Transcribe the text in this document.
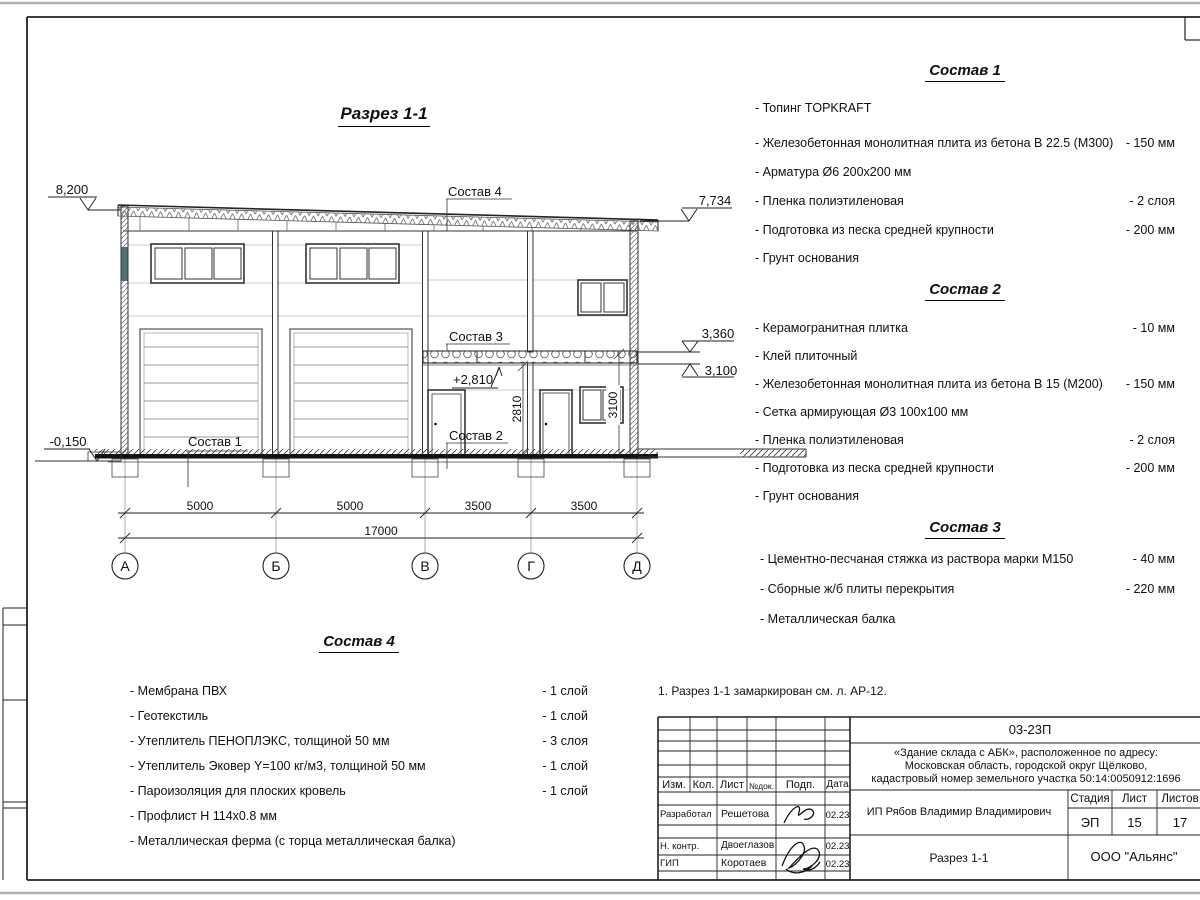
Разрез 1-1
8,200
7,734
3,360
3,100
-0,150
+2,810
Состав 4
Состав 3
Состав 2
Состав 1
2810	3100
5000	5000	3500	3500
17000
А	Б	В	Г	Д
Состав 1
- Топинг TOPKRAFT
- Железобетонная монолитная плита из бетона В 22.5 (М300) - 150 мм
- Арматура Ø6 200х200 мм
- Пленка полиэтиленовая	- 2 слоя
- Подготовка из песка средней крупности	- 200 мм
- Грунт основания
Состав 2
- Керамогранитная плитка	- 10 мм
- Клей плиточный
- Железобетонная монолитная плита из бетона В 15 (М200) - 150 мм
- Сетка армирующая Ø3 100х100 мм
- Пленка полиэтиленовая	- 2 слоя
- Подготовка из песка средней крупности	- 200 мм
- Грунт основания
Состав 3
- Цементно-песчаная стяжка из раствора марки М150	- 40 мм
- Сборные ж/б плиты перекрытия	- 220 мм
- Металлическая балка
Состав 4
- Мембрана ПВХ	- 1 слой
- Геотекстиль	- 1 слой
- Утеплитель ПЕНОПЛЭКС, толщиной 50 мм	- 3 слоя
- Утеплитель Эковер Y=100 кг/м3, толщиной 50 мм	- 1 слой
- Пароизоляция для плоских кровель	- 1 слой
- Профлист Н 114х0.8 мм
- Металлическая ферма (с торца металлическая балка)
1. Разрез 1-1 замаркирован см. л. АР-12.
03-23П
«Здание склада с АБК», расположенное по адресу:
Московская область, городской округ Щёлково,
кадастровый номер земельного участка 50:14:0050912:1696
ИП Рябов Владимир Владимирович
Стадия	Лист	Листов
ЭП	15	17
Разрез 1-1	ООО "Альянс"
Изм. Кол. Лист №док.	Подп.	Дата
Разработал Решетова	02.23
Н. контр.	Двоеглазов	02.23
ГИП	Коротаев	02.23
